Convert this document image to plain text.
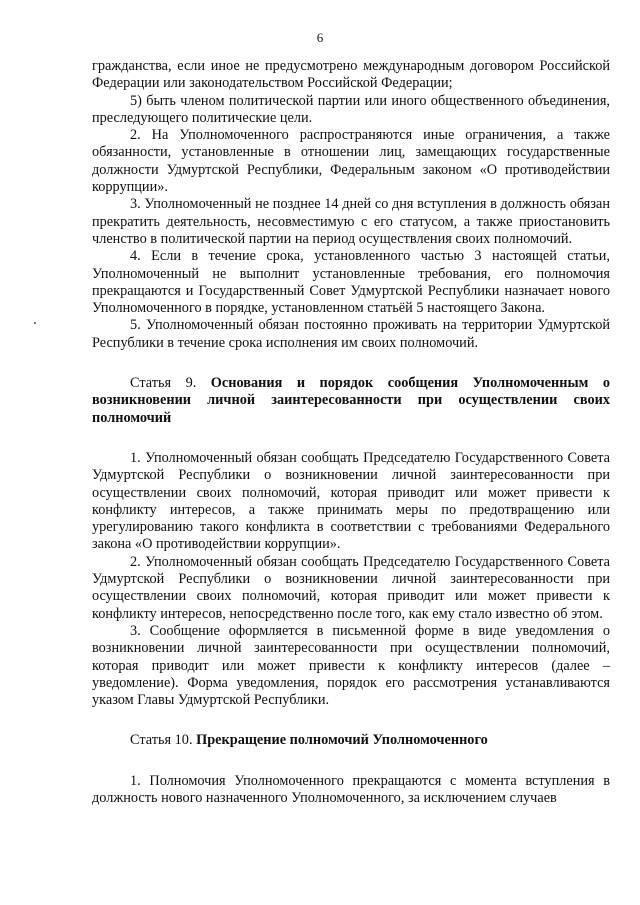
6

гражданства, если иное не предусмотрено международным договором Российской Федерации или законодательством Российской Федерации;

5) быть членом политической партии или иного общественного объединения, преследующего политические цели.

2. На Уполномоченного распространяются иные ограничения, а также обязанности, установленные в отношении лиц, замещающих государственные должности Удмуртской Республики, Федеральным законом «О противодействии коррупции».

3. Уполномоченный не позднее 14 дней со дня вступления в должность обязан прекратить деятельность, несовместимую с его статусом, а также приостановить членство в политической партии на период осуществления своих полномочий.

4. Если в течение срока, установленного частью 3 настоящей статьи, Уполномоченный не выполнит установленные требования, его полномочия прекращаются и Государственный Совет Удмуртской Республики назначает нового Уполномоченного в порядке, установленном статьёй 5 настоящего Закона.

5. Уполномоченный обязан постоянно проживать на территории Удмуртской Республики в течение срока исполнения им своих полномочий.

Статья 9. Основания и порядок сообщения Уполномоченным о возникновении личной заинтересованности при осуществлении своих полномочий

1. Уполномоченный обязан сообщать Председателю Государственного Совета Удмуртской Республики о возникновении личной заинтересованности при осуществлении своих полномочий, которая приводит или может привести к конфликту интересов, а также принимать меры по предотвращению или урегулированию такого конфликта в соответствии с требованиями Федерального закона «О противодействии коррупции».

2. Уполномоченный обязан сообщать Председателю Государственного Совета Удмуртской Республики о возникновении личной заинтересованности при осуществлении своих полномочий, которая приводит или может привести к конфликту интересов, непосредственно после того, как ему стало известно об этом.

3. Сообщение оформляется в письменной форме в виде уведомления о возникновении личной заинтересованности при осуществлении полномочий, которая приводит или может привести к конфликту интересов (далее – уведомление). Форма уведомления, порядок его рассмотрения устанавливаются указом Главы Удмуртской Республики.

Статья 10. Прекращение полномочий Уполномоченного

1. Полномочия Уполномоченного прекращаются с момента вступления в должность нового назначенного Уполномоченного, за исключением случаев
